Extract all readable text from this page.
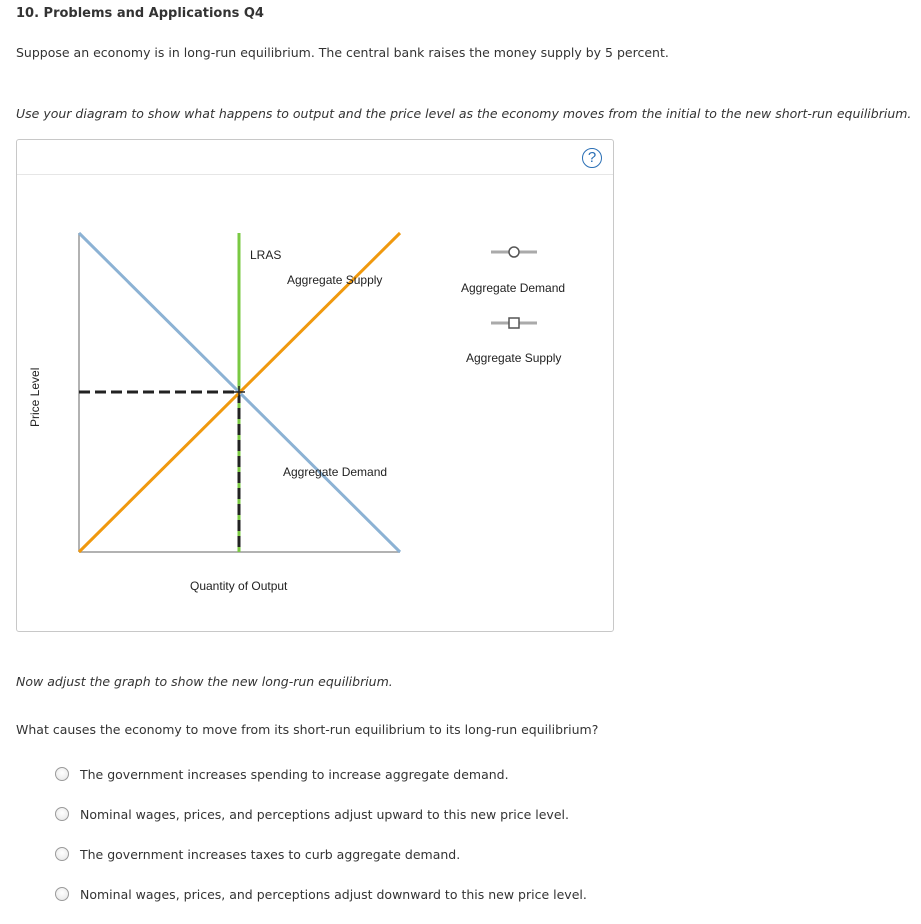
10. Problems and Applications Q4

Suppose an economy is in long-run equilibrium. The central bank raises the money supply by 5 percent.

Use your diagram to show what happens to output and the price level as the economy moves from the initial to the new short-run equilibrium.

?
LRAS
Aggregate Supply
Aggregate Demand
Quantity of Output
Price Level
Aggregate Demand
Aggregate Supply

Now adjust the graph to show the new long-run equilibrium.

What causes the economy to move from its short-run equilibrium to its long-run equilibrium?

The government increases spending to increase aggregate demand.
Nominal wages, prices, and perceptions adjust upward to this new price level.
The government increases taxes to curb aggregate demand.
Nominal wages, prices, and perceptions adjust downward to this new price level.
